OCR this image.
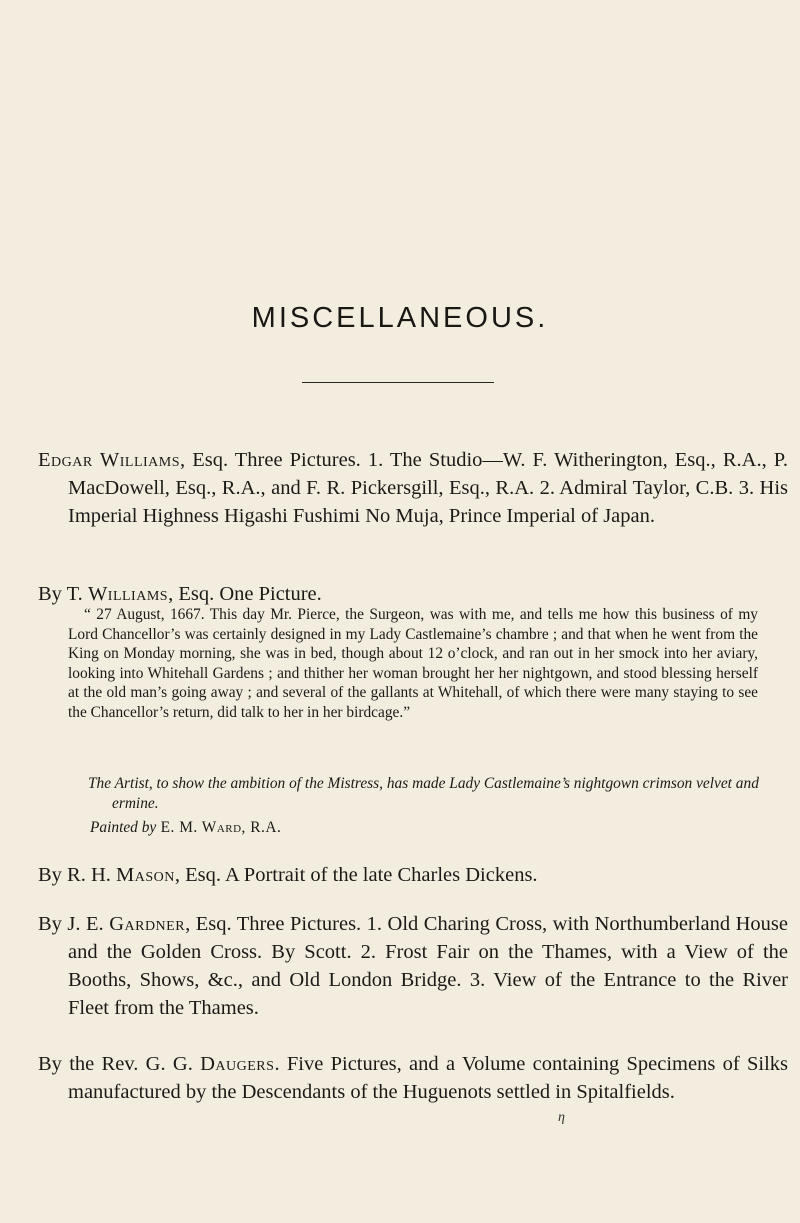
MISCELLANEOUS.
Edgar Williams, Esq. Three Pictures. 1. The Studio—W. F. Witherington, Esq., R.A., P. MacDowell, Esq., R.A., and F. R. Pickersgill, Esq., R.A. 2. Admiral Taylor, C.B. 3. His Imperial Highness Higashi Fushimi No Muja, Prince Imperial of Japan.
By T. Williams, Esq. One Picture.
“ 27 August, 1667. This day Mr. Pierce, the Surgeon, was with me, and tells me how this business of my Lord Chancellor’s was certainly designed in my Lady Castlemaine’s chambre ; and that when he went from the King on Monday morning, she was in bed, though about 12 o’clock, and ran out in her smock into her aviary, looking into Whitehall Gardens ; and thither her woman brought her her nightgown, and stood blessing herself at the old man’s going away ; and several of the gallants at Whitehall, of which there were many staying to see the Chancellor’s return, did talk to her in her birdcage.”
The Artist, to show the ambition of the Mistress, has made Lady Castlemaine’s nightgown crimson velvet and ermine.
Painted by E. M. Ward, R.A.
By R. H. Mason, Esq. A Portrait of the late Charles Dickens.
By J. E. Gardner, Esq. Three Pictures. 1. Old Charing Cross, with Northumberland House and the Golden Cross. By Scott. 2. Frost Fair on the Thames, with a View of the Booths, Shows, &c., and Old London Bridge. 3. View of the Entrance to the River Fleet from the Thames.
By the Rev. G. G. Daugers. Five Pictures, and a Volume containing Specimens of Silks manufactured by the Descendants of the Huguenots settled in Spitalfields.
η
